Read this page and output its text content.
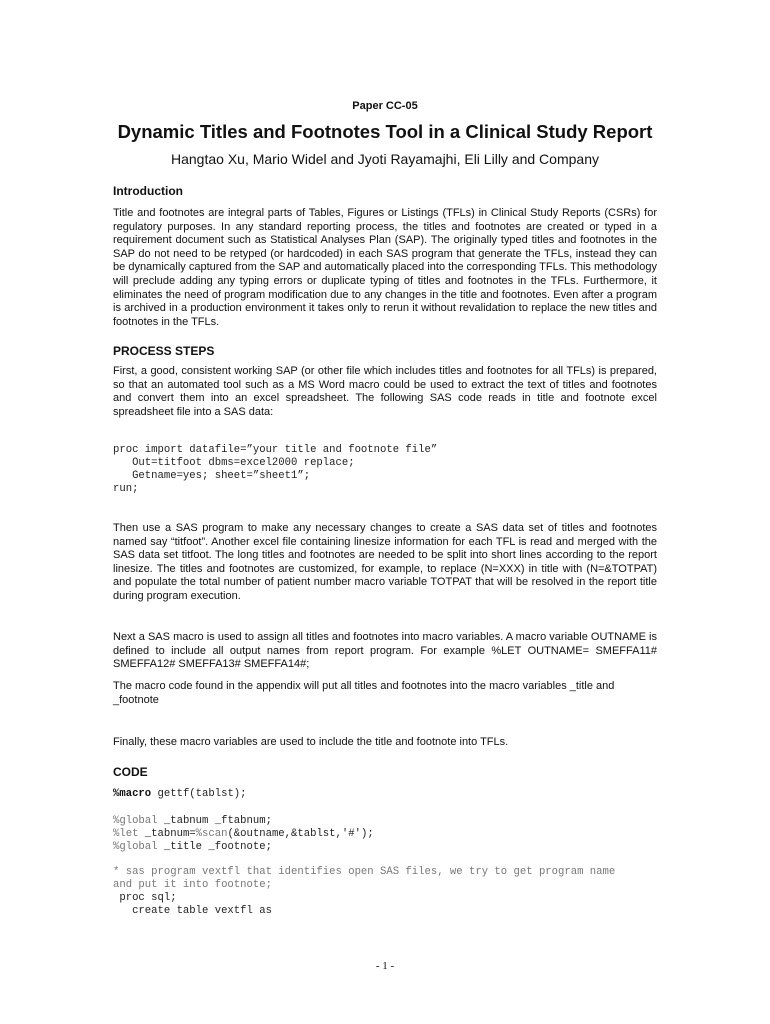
Paper CC-05
Dynamic Titles and Footnotes Tool in a Clinical Study Report
Hangtao Xu, Mario Widel and Jyoti Rayamajhi, Eli Lilly and Company
Introduction
Title and footnotes are integral parts of Tables, Figures or Listings (TFLs) in Clinical Study Reports (CSRs) for regulatory purposes. In any standard reporting process, the titles and footnotes are created or typed in a requirement document such as Statistical Analyses Plan (SAP). The originally typed titles and footnotes in the SAP do not need to be retyped (or hardcoded) in each SAS program that generate the TFLs, instead they can be dynamically captured from the SAP and automatically placed into the corresponding TFLs. This methodology will preclude adding any typing errors or duplicate typing of titles and footnotes in the TFLs. Furthermore, it eliminates the need of program modification due to any changes in the title and footnotes. Even after a program is archived in a production environment it takes only to rerun it without revalidation to replace the new titles and footnotes in the TFLs.
PROCESS STEPS
First, a good, consistent working SAP (or other file which includes titles and footnotes for all TFLs) is prepared, so that an automated tool such as a MS Word macro could be used to extract the text of titles and footnotes and convert them into an excel spreadsheet. The following SAS code reads in title and footnote excel spreadsheet file into a SAS data:
proc import datafile=”your title and footnote file”
Out=titfoot dbms=excel2000 replace;
Getname=yes; sheet=”sheet1”;
run;
Then use a SAS program to make any necessary changes to create a SAS data set of titles and footnotes named say “titfoot”. Another excel file containing linesize information for each TFL is read and merged with the SAS data set titfoot. The long titles and footnotes are needed to be split into short lines according to the report linesize. The titles and footnotes are customized, for example, to replace (N=XXX) in title with (N=&TOTPAT) and populate the total number of patient number macro variable TOTPAT that will be resolved in the report title during program execution.
Next a SAS macro is used to assign all titles and footnotes into macro variables. A macro variable OUTNAME is defined to include all output names from report program. For example %LET OUTNAME= SMEFFA11# SMEFFA12# SMEFFA13# SMEFFA14#;
The macro code found in the appendix will put all titles and footnotes into the macro variables _title and _footnote
Finally, these macro variables are used to include the title and footnote into TFLs.
CODE
%macro gettf(tablst);
%global _tabnum _ftabnum;
%let _tabnum=%scan(&outname,&tablst,'#');
%global _title _footnote;
* sas program vextfl that identifies open SAS files, we try to get program name
and put it into footnote;
proc sql;
create table vextfl as
- 1 -
